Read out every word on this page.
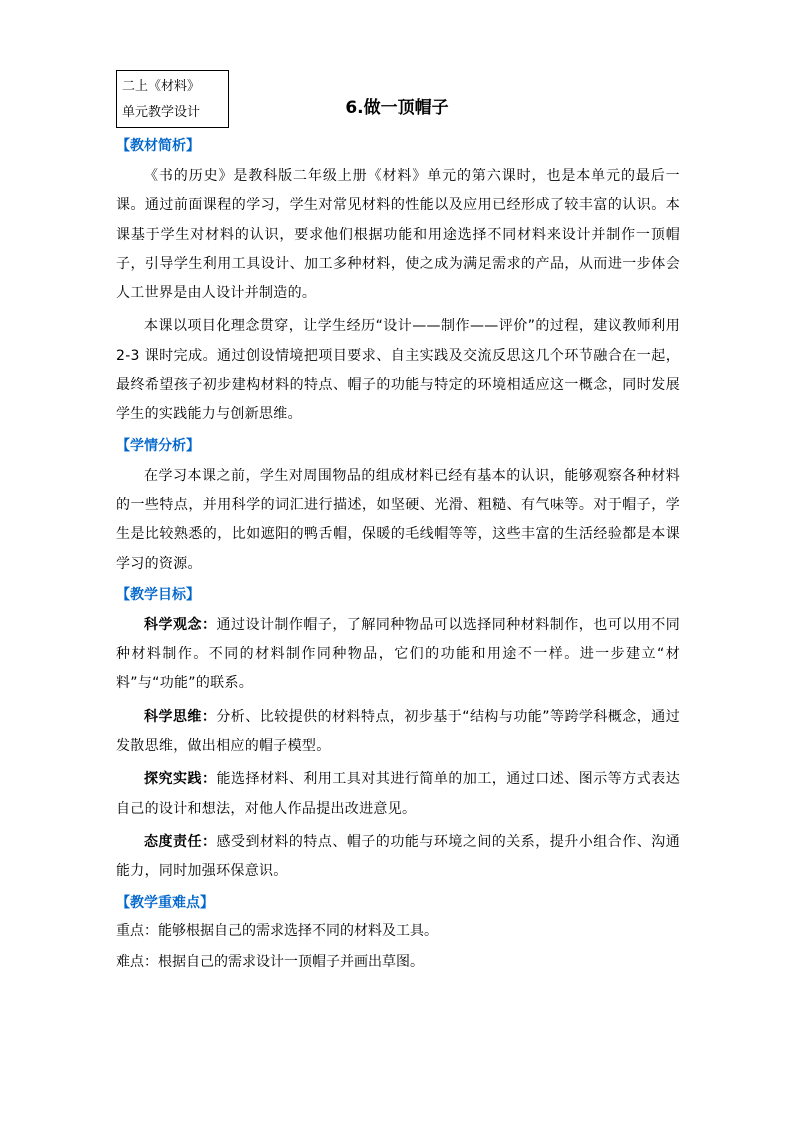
二上《材料》
单元教学设计	6.做一顶帽子
【教材简析】

《书的历史》是教科版二年级上册《材料》单元的第六课时，也是本单元的最后一课。通过前面课程的学习，学生对常见材料的性能以及应用已经形成了较丰富的认识。本课基于学生对材料的认识，要求他们根据功能和用途选择不同材料来设计并制作一顶帽子，引导学生利用工具设计、加工多种材料，使之成为满足需求的产品，从而进一步体会人工世界是由人设计并制造的。

本课以项目化理念贯穿，让学生经历“设计——制作——评价”的过程，建议教师利用 2-3 课时完成。通过创设情境把项目要求、自主实践及交流反思这几个环节融合在一起，最终希望孩子初步建构材料的特点、帽子的功能与特定的环境相适应这一概念，同时发展学生的实践能力与创新思维。

【学情分析】

在学习本课之前，学生对周围物品的组成材料已经有基本的认识，能够观察各种材料的一些特点，并用科学的词汇进行描述，如坚硬、光滑、粗糙、有气味等。对于帽子，学生是比较熟悉的，比如遮阳的鸭舌帽，保暖的毛线帽等等，这些丰富的生活经验都是本课学习的资源。

【教学目标】

科学观念：通过设计制作帽子，了解同种物品可以选择同种材料制作，也可以用不同种材料制作。不同的材料制作同种物品，它们的功能和用途不一样。进一步建立“材料”与“功能”的联系。

科学思维：分析、比较提供的材料特点，初步基于“结构与功能”等跨学科概念，通过发散思维，做出相应的帽子模型。

探究实践：能选择材料、利用工具对其进行简单的加工，通过口述、图示等方式表达自己的设计和想法，对他人作品提出改进意见。

态度责任：感受到材料的特点、帽子的功能与环境之间的关系，提升小组合作、沟通能力，同时加强环保意识。

【教学重难点】
重点：能够根据自己的需求选择不同的材料及工具。
难点：根据自己的需求设计一顶帽子并画出草图。
